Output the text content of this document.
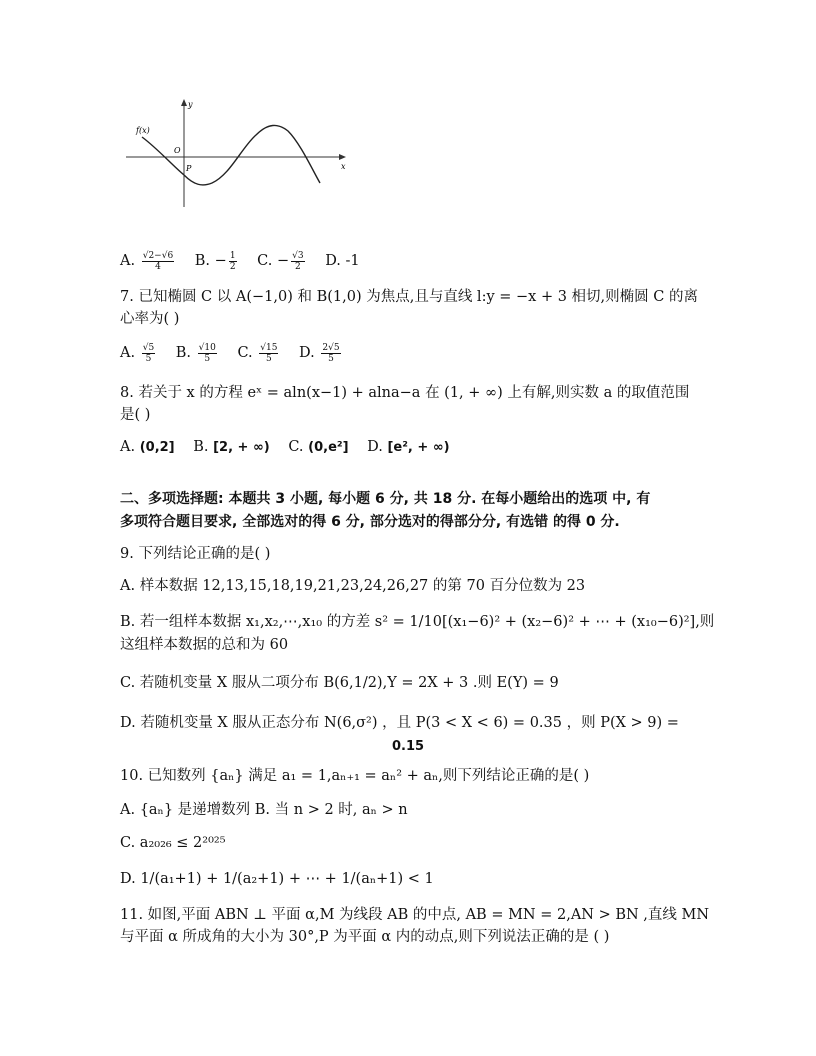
y
x
O
P
f(x)
A. $\frac{√2-√6}{4} B$. − $\frac{1}{2} C$. − $\frac{√3}{2} D$. -1
7. 已知椭圆 C 以 A(−1,0) 和 B(1,0) 为焦点,且与直线 l:y = −x + 3 相切,则椭圆 C 的离
心率为( )
A. $\frac{√5}{5} B$. $\frac{√10}{5} C$. $\frac{√15}{5} D$. $\frac{2√5}{5}$
8. 若关于 x 的方程 eˣ = aln(x−1) + alna−a 在 (1, + ∞) 上有解,则实数 a 的取值范围
是( )
A. (0,2] B. [2, + ∞) C. (0,e²] D. [e², + ∞)
二、多项选择题: 本题共 3 小题, 每小题 6 分, 共 18 分. 在每小题给出的选项 中, 有
多项符合题目要求, 全部选对的得 6 分, 部分选对的得部分分, 有选错 的得 0 分.
9. 下列结论正确的是( )
A. 样本数据 12,13,15,18,19,21,23,24,26,27 的第 70 百分位数为 23
B. 若一组样本数据 x₁,x₂,⋯,x₁₀ 的方差 s² = 1/10[(x₁−6)² + (x₂−6)² + ⋯ + (x₁₀−6)²],则
这组样本数据的总和为 60
C. 若随机变量 X 服从二项分布 B(6,1/2),Y = 2X + 3 .则 E(Y) = 9
D. 若随机变量 X 服从正态分布 N(6,σ²) ，且 P(3 < X < 6) = 0.35 ，则 P(X > 9) =
0.15
10. 已知数列 {aₙ} 满足 a₁ = 1,aₙ₊₁ = aₙ² + aₙ,则下列结论正确的是( )
A. {aₙ} 是递增数列 B. 当 n > 2 时, aₙ > n
C. a₂₀₂₆ ≤ 2²⁰²⁵
D. 1/(a₁+1) + 1/(a₂+1) + ⋯ + 1/(aₙ+1) < 1
11. 如图,平面 ABN ⊥ 平面 α,M 为线段 AB 的中点, AB = MN = 2,AN > BN ,直线 MN
与平面 α 所成角的大小为 30°,P 为平面 α 内的动点,则下列说法正确的是 ( )
